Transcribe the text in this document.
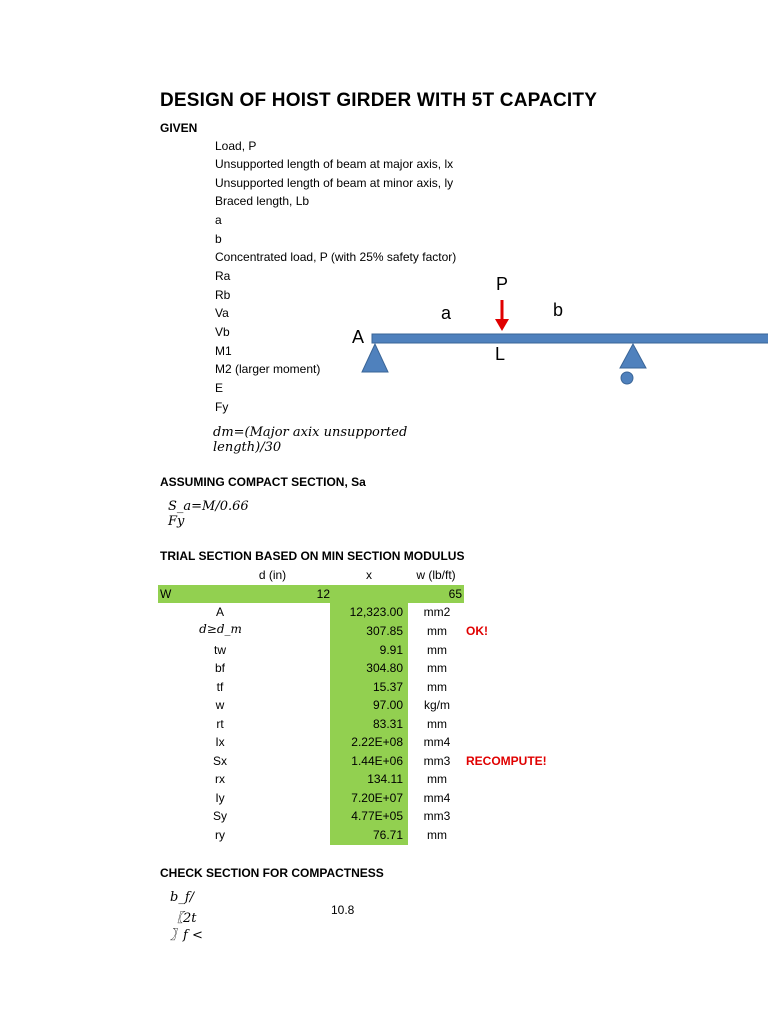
DESIGN OF HOIST GIRDER WITH 5T CAPACITY
GIVEN
Load, P
Unsupported length of beam at major axis, lx
Unsupported length of beam at minor axis, ly
Braced length, Lb
a
b
Concentrated load, P (with 25% safety factor)
Ra
Rb
Va
Vb
M1
M2 (larger moment)
E
Fy
dm=(Major axix unsupported
length)/30
A
a	b
P
L
ASSUMING COMPACT SECTION, Sa
S_a=M/0.66
Fy
TRIAL SECTION BASED ON MIN SECTION MODULUS
d (in)	x	w (lb/ft)
W	12	65
A	12,323.00	mm2
d≥d_m	307.85	mm	OK!
tw	9.91	mm
bf	304.80	mm
tf	15.37	mm
w	97.00	kg/m
rt	83.31	mm
Ix	2.22E+08	mm4
Sx	1.44E+06	mm3	RECOMPUTE!
rx	134.11	mm
Iy	7.20E+07	mm4
Sy	4.77E+05	mm3
ry	76.71	mm
CHECK SECTION FOR COMPACTNESS
b_f/
〖2t
〗f <
10.8
